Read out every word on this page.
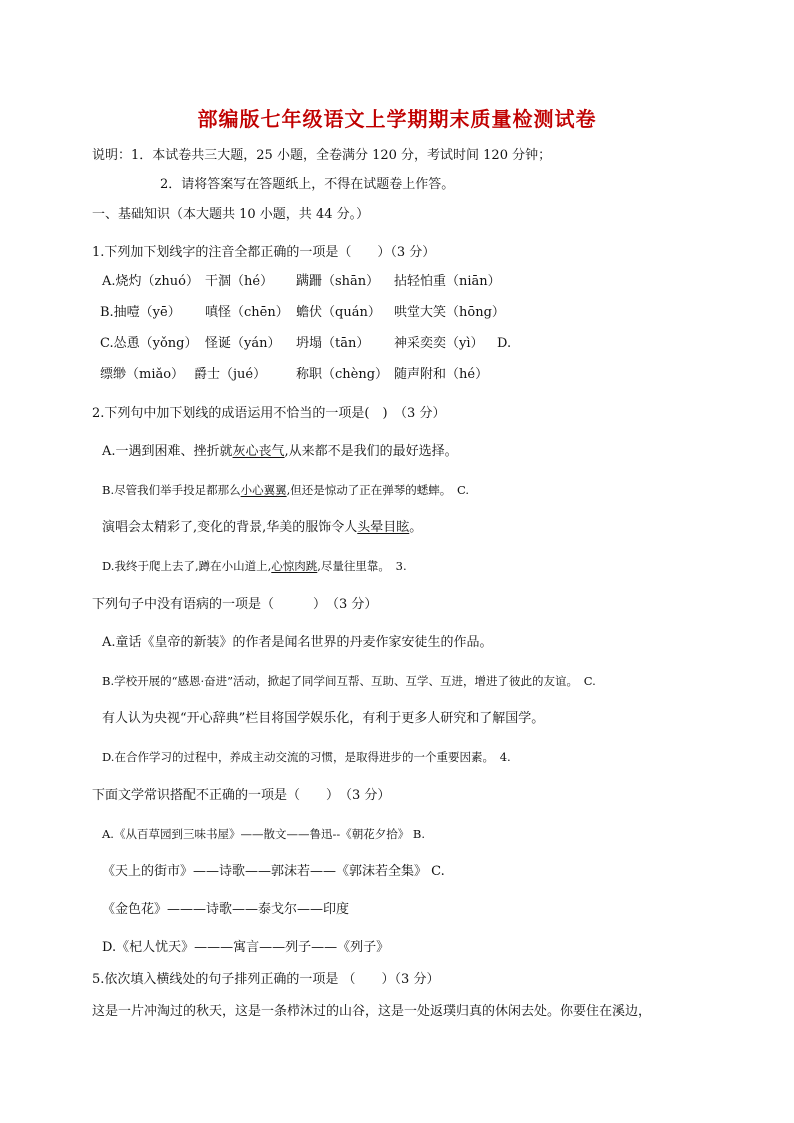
部编版七年级语文上学期期末质量检测试卷
说明：1．本试卷共三大题，25 小题，全卷满分 120 分，考试时间 120 分钟；
2．请将答案写在答题纸上，不得在试题卷上作答。
一、基础知识（本大题共 10 小题，共 44 分。）
1.下列加下划线字的注音全都正确的一项是（　　）（3 分）
A.烧灼（zhuó） 干涸（hé） 蹒跚（shān） 拈轻怕重（niān）
B.抽噎（yē） 嗔怪（chēn） 蟾伏（quán） 哄堂大笑（hōng）
C.怂恿（yǒng） 怪诞（yán） 坍塌（tān） 神采奕奕（yì） D.
缥缈（miǎo） 爵士（jué） 称职（chèng） 随声附和（hé）
2.下列句中加下划线的成语运用不恰当的一项是(　)　（3 分）
A.一遇到困难、挫折就灰心丧气,从来都不是我们的最好选择。
B.尽管我们举手投足都那么小心翼翼,但还是惊动了正在弹琴的蟋蟀。　C.
演唱会太精彩了,变化的背景,华美的服饰令人头晕目眩。
D.我终于爬上去了,蹲在小山道上,心惊肉跳,尽量往里靠。　3.
下列句子中没有语病的一项是（　　　）　（3 分）
A.童话《皇帝的新装》的作者是闻名世界的丹麦作家安徒生的作品。
B.学校开展的“感恩·奋进”活动，掀起了同学间互帮、互助、互学、互进，增进了彼此的友谊。　C.
有人认为央视“开心辞典”栏目将国学娱乐化，有利于更多人研究和了解国学。
D.在合作学习的过程中，养成主动交流的习惯，是取得进步的一个重要因素。　4.
下面文学常识搭配不正确的一项是（　　）　（3 分）
A.《从百草园到三味书屋》——散文——鲁迅--《朝花夕拾》 B.
《天上的街市》——诗歌——郭沫若——《郭沫若全集》 C.
《金色花》———诗歌——泰戈尔——印度
D.《杞人忧天》———寓言——列子——《列子》
5.依次填入横线处的句子排列正确的一项是 （　　）（3 分）
这是一片冲淘过的秋天，这是一条栉沐过的山谷，这是一处返璞归真的休闲去处。你要住在溪边，
